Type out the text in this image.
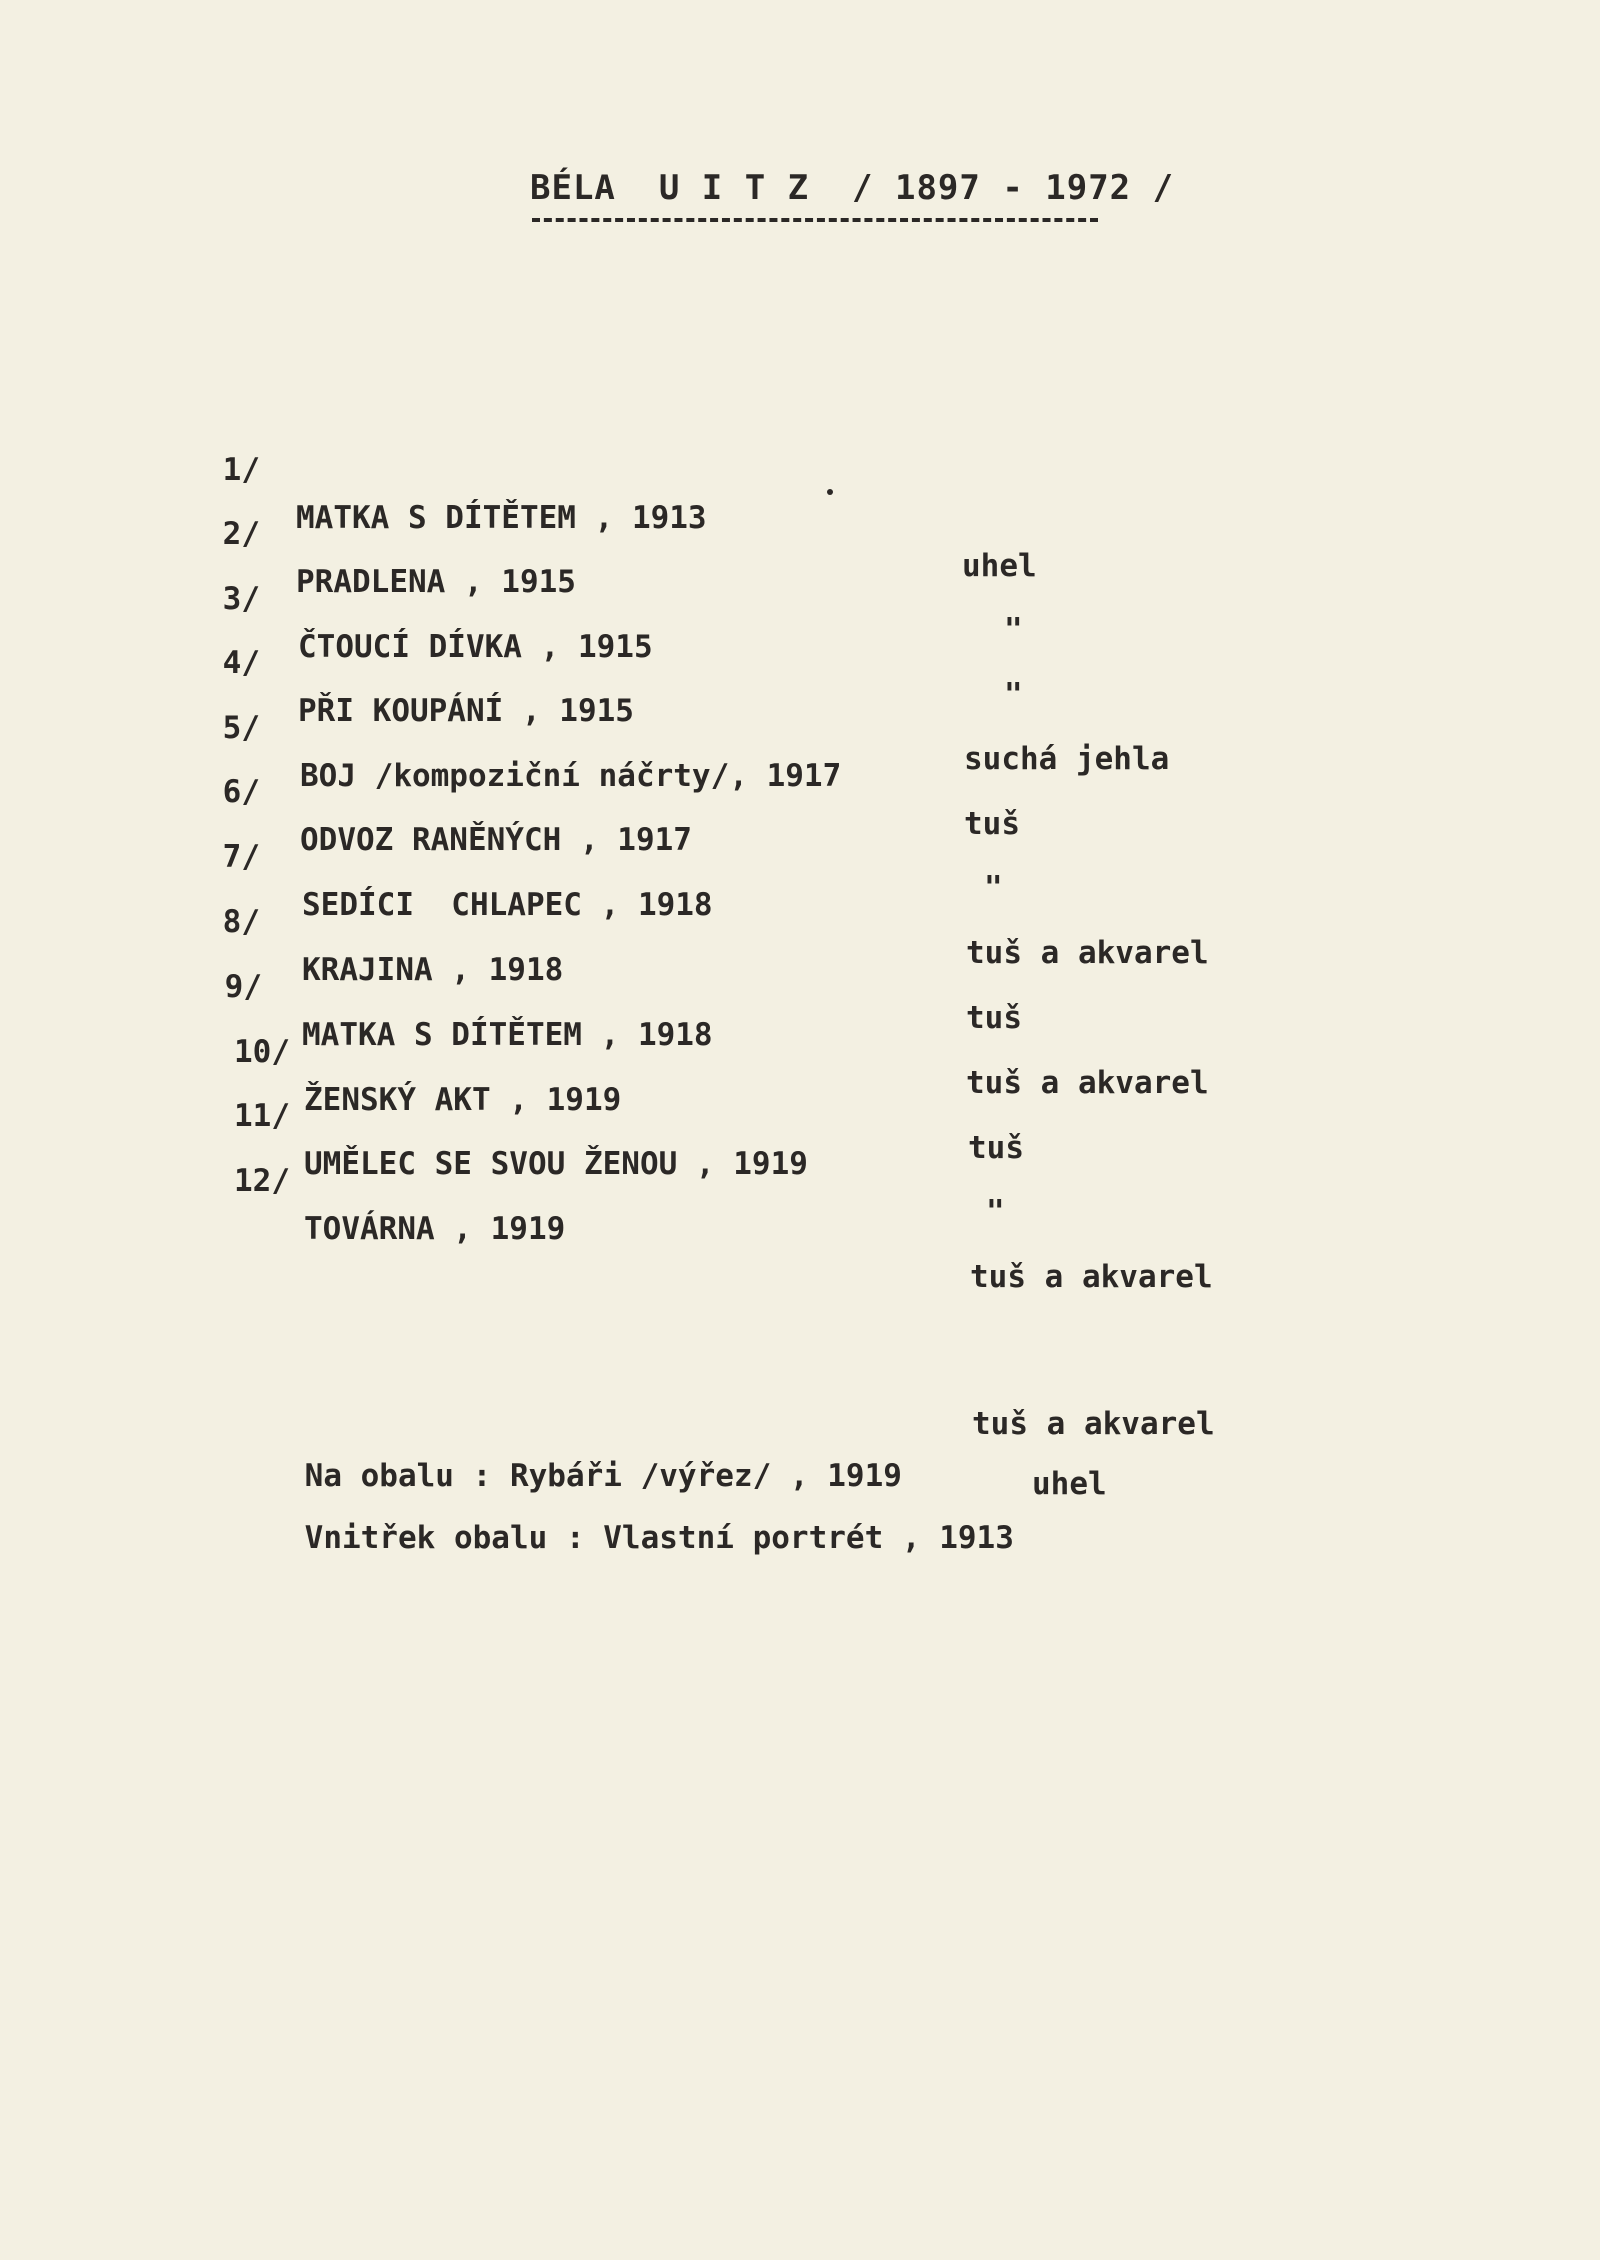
BÉLA  U I T Z  / 1897 - 1972 /

1/

MATKA S DÍTĚTEM , 1913

uhel

2/

PRADLENA , 1915

"

3/

ČTOUCÍ DÍVKA , 1915

"

4/

PŘI KOUPÁNÍ , 1915

suchá jehla

5/

BOJ /kompoziční náčrty/, 1917

tuš

6/

ODVOZ RANĚNÝCH , 1917

"

7/

SEDÍCI  CHLAPEC , 1918

tuš a akvarel

8/

KRAJINA , 1918

tuš

9/

MATKA S DÍTĚTEM , 1918

tuš a akvarel

10/

ŽENSKÝ AKT , 1919

tuš

11/

UMĚLEC SE SVOU ŽENOU , 1919

"

12/

TOVÁRNA , 1919

tuš a akvarel

Na obalu : Rybáři /výřez/ , 1919

tuš a akvarel

Vnitřek obalu : Vlastní portrét , 1913

uhel
